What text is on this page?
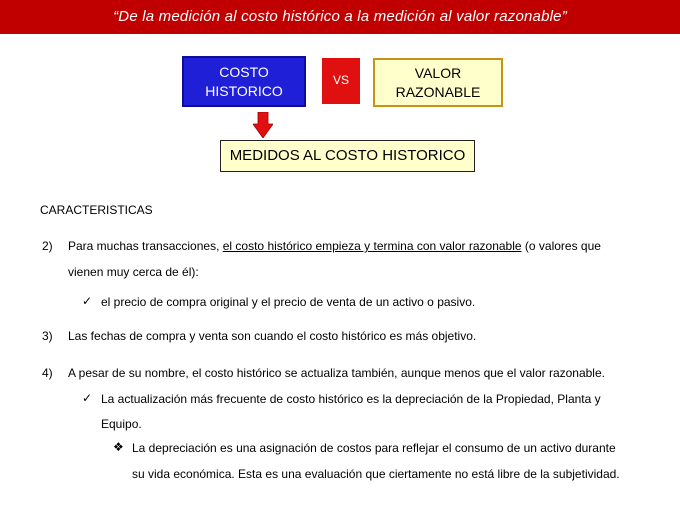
“De la medición al costo histórico a la medición al valor razonable”
COSTO HISTORICO
VS	VALOR RAZONABLE
MEDIDOS AL COSTO HISTORICO
CARACTERISTICAS
2) Para muchas transacciones, el costo histórico empieza y termina con valor razonable (o valores que
vienen muy cerca de él):
✓ el precio de compra original y el precio de venta de un activo o pasivo.
3) Las fechas de compra y venta son cuando el costo histórico es más objetivo.
4) A pesar de su nombre, el costo histórico se actualiza también, aunque menos que el valor razonable.
✓ La actualización más frecuente de costo histórico es la depreciación de la Propiedad, Planta y
Equipo.
❖ La depreciación es una asignación de costos para reflejar el consumo de un activo durante
su vida económica. Esta es una evaluación que ciertamente no está libre de la subjetividad.
